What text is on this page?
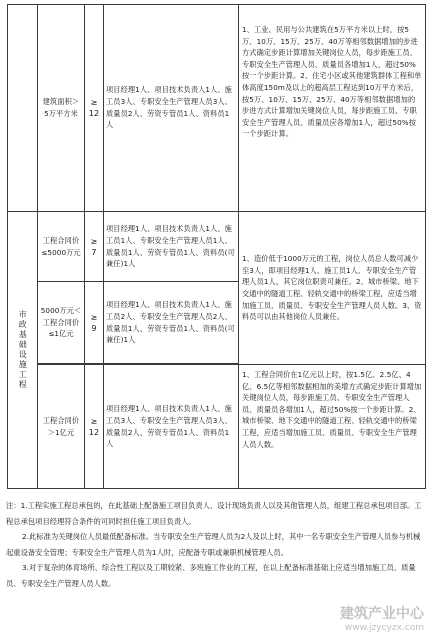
建筑面积＞5万平方米
≥
12
项目经理1人、项目技术负责人1人、施工员3人、专职安全生产管理人员3人、质量员2人、劳资专管员1人、资料员1人
1、工业、民用与公共建筑在5万平方米以上时，按5万、10万、15万、25万、40万等相邻数据增加的步进方式确定步距计算增加关键岗位人员，每步距施工员、专职安全生产管理人员、质量员各增加1人，超过50%按一个步距计算。2、住宅小区或其他建筑群体工程和单体高度150m及以上的超高层工程达到10万平方米后，按5万、10万、15万、25万、40万等相邻数据增加的步进方式计算增加关键岗位人员，每步距施工员、专职安全生产管理人员、质量员应各增加1人，超过50%按一个步距计算。
市政基础设施工程
工程合同价≤5000万元
≥
7
项目经理1人、项目技术负责人1人、施工员1人、专职安全生产管理人员1人、质量员1人、劳资专管员1人、资料员(可兼任)1人
5000万元＜工程合同价≤1亿元
≥
9
项目经理1人、项目技术负责人1人、施工员2人、专职安全生产管理人员2人、质量员1人、劳资专管员1人、资料员(可兼任)1人
1、造价低于1000万元的工程，岗位人员总人数可减少至3人，即项目经理1人、施工员1人、专职安全生产管理人员1人，其它岗位职责可兼任。2、城市桥梁、地下交通中的隧道工程、轻轨交通中的桥梁工程，应适当增加施工员、质量员、专职安全生产管理人员人数。3、资料员可以由其他岗位人员兼任。
工程合同价＞1亿元
≥
12
项目经理1人、项目技术负责人1人、施工员3人、专职安全生产管理人员3人、质量员2人、劳资专管员1人、资料员1人
1、工程合同价在1亿元以上时，按1.5亿、2.5亿、4亿、6.5亿等相邻数据相加的美增方式确定步距计算增加关键岗位人员，每步距施工员、专职安全生产管理人员、质量员各增加1人，超过50%按一个步距计算。2、城市桥梁、地下交通中的隧道工程、轻轨交通中的桥梁工程，应适当增加施工员、质量员、专职安全生产管理人员人数。

注：1.工程实施工程总承包的，在此基础上配备施工项目负责人、设计现场负责人以及其他管理人员，组建工程总承包项目部。工程总承包项目经理符合条件的可同时担任施工项目负责人。

2.此标准为关键岗位人员最低配备标准。当专职安全生产管理人员为2人及以上时，其中一名专职安全生产管理人员参与机械起重设备安全管理；专职安全生产管理人员为1人时，应配备专职或兼职机械管理人员。

3.对于复杂的体育场所、综合性工程以及工期较紧、多班施工作业的工程，在以上配备标准基础上应适当增加施工员、质量员、专职安全生产管理人员人数。

建筑产业中心
www.jzycyzx.com
